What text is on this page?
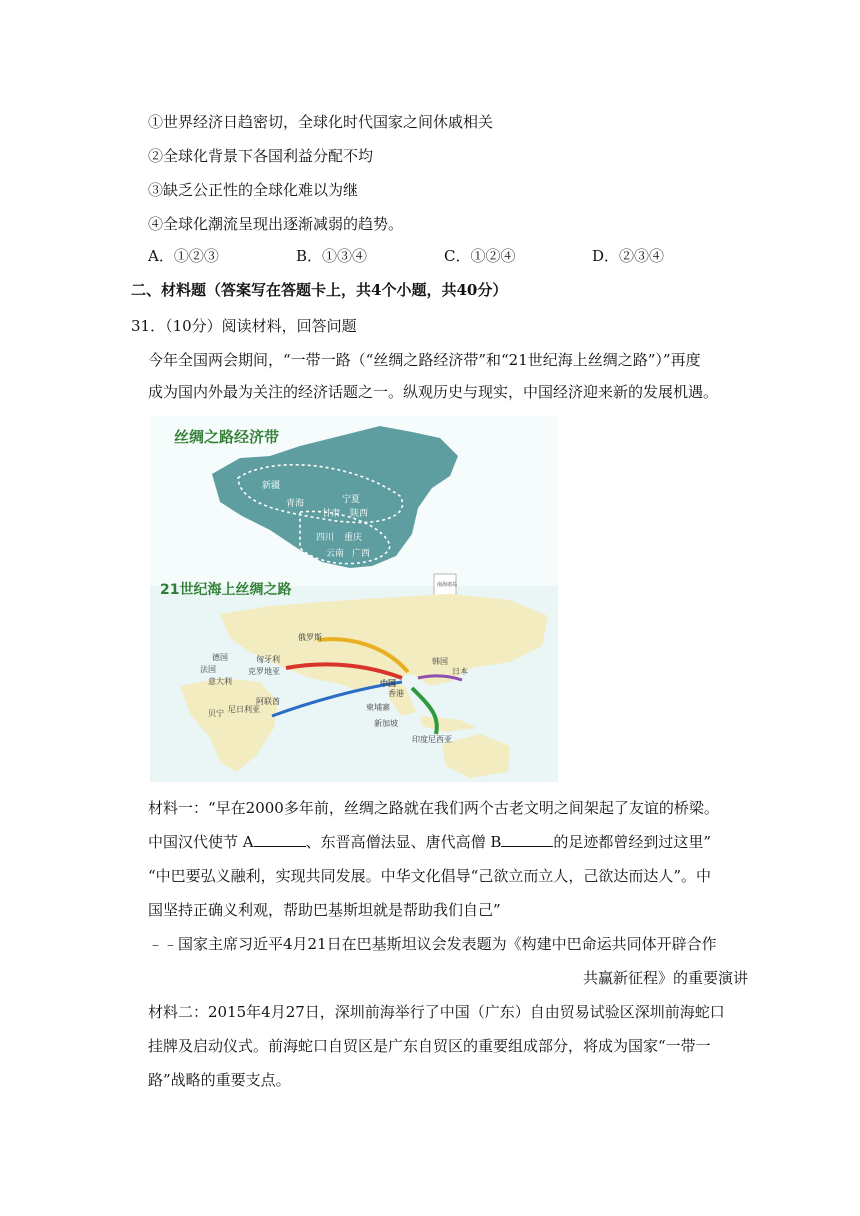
①世界经济日趋密切，全球化时代国家之间休戚相关
②全球化背景下各国利益分配不均
③缺乏公正性的全球化难以为继
④全球化潮流呈现出逐渐减弱的趋势。
A．①②③	B．①③④	C．①②④	D．②③④
二、材料题（答案写在答题卡上，共4个小题，共40分）
31．（10分）阅读材料，回答问题
今年全国两会期间，“一带一路（“丝绸之路经济带”和“21世纪海上丝绸之路”）”再度
成为国内外最为关注的经济话题之一。纵观历史与现实，中国经济迎来新的发展机遇。
南海诸岛
丝绸之路经济带
21世纪海上丝绸之路
新疆
青海	宁夏
甘肃 陕西
四川 重庆
云南 广西
俄罗斯
德国	匈牙利
法国
意大利
克罗地亚
阿联酋
中国
香港
韩国
日本
柬埔寨
新加坡
印度尼西亚
贝宁 尼日利亚
材料一：“早在2000多年前，丝绸之路就在我们两个古老文明之间架起了友谊的桥梁。
中国汉代使节 A	、东晋高僧法显、唐代高僧 B	的足迹都曾经到过这里”
“中巴要弘义融利，实现共同发展。中华文化倡导“己欲立而立人，己欲达而达人”。中
国坚持正确义利观，帮助巴基斯坦就是帮助我们自己”
﹣﹣国家主席习近平4月21日在巴基斯坦议会发表题为《构建中巴命运共同体开辟合作
共赢新征程》的重要演讲
材料二：2015年4月27日，深圳前海举行了中国（广东）自由贸易试验区深圳前海蛇口
挂牌及启动仪式。前海蛇口自贸区是广东自贸区的重要组成部分，将成为国家“一带一
路”战略的重要支点。
